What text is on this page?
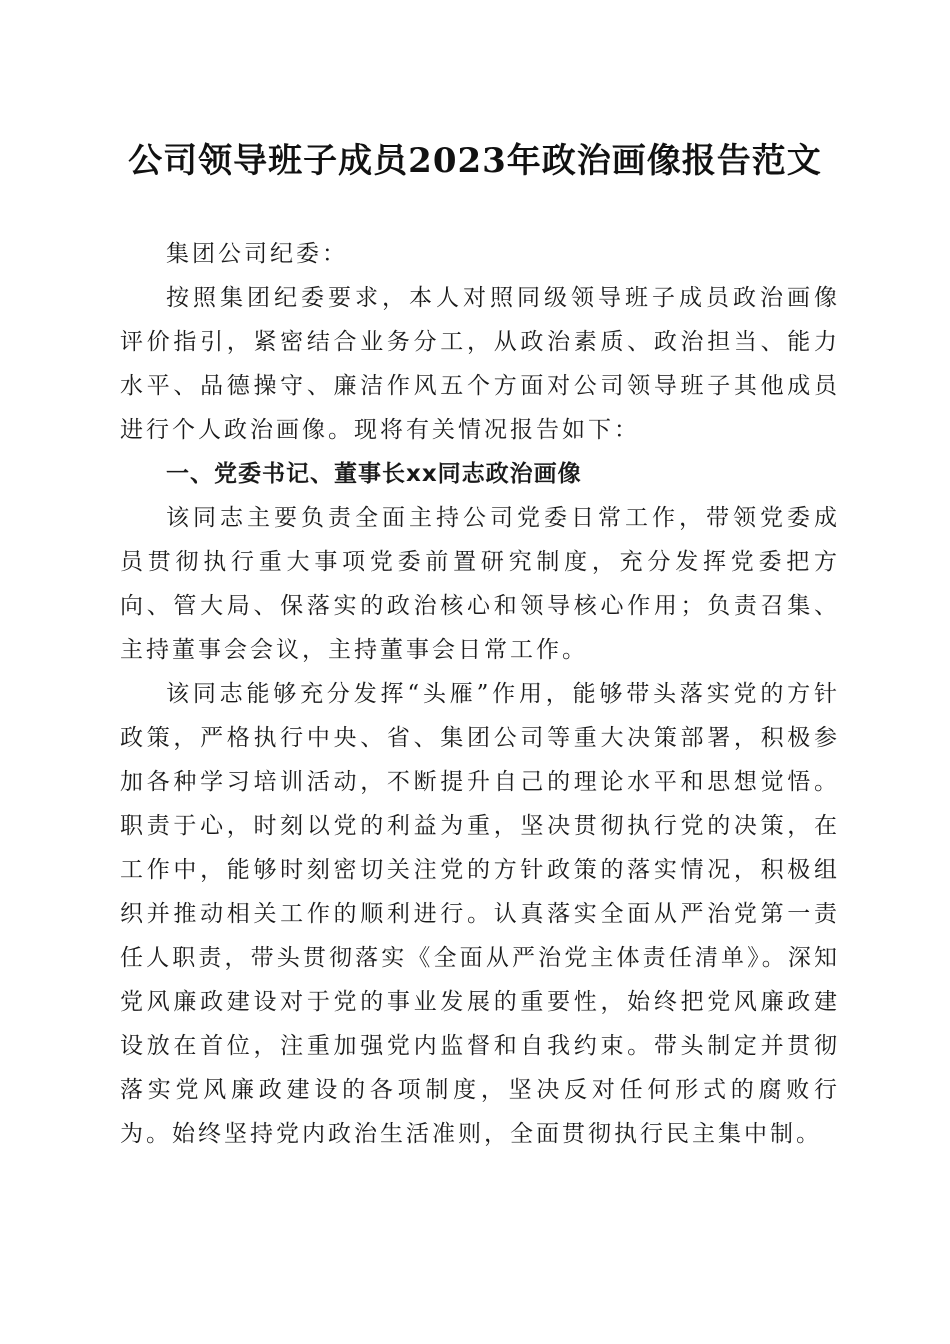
公司领导班子成员2023年政治画像报告范文

集团公司纪委：

按照集团纪委要求，本人对照同级领导班子成员政治画像评价指引，紧密结合业务分工，从政治素质、政治担当、能力水平、品德操守、廉洁作风五个方面对公司领导班子其他成员进行个人政治画像。现将有关情况报告如下：

一、党委书记、董事长xx同志政治画像

该同志主要负责全面主持公司党委日常工作，带领党委成员贯彻执行重大事项党委前置研究制度，充分发挥党委把方向、管大局、保落实的政治核心和领导核心作用；负责召集、主持董事会会议，主持董事会日常工作。

该同志能够充分发挥“头雁”作用，能够带头落实党的方针政策，严格执行中央、省、集团公司等重大决策部署，积极参加各种学习培训活动，不断提升自己的理论水平和思想觉悟。职责于心，时刻以党的利益为重，坚决贯彻执行党的决策，在工作中，能够时刻密切关注党的方针政策的落实情况，积极组织并推动相关工作的顺利进行。认真落实全面从严治党第一责任人职责，带头贯彻落实《全面从严治党主体责任清单》。深知党风廉政建设对于党的事业发展的重要性，始终把党风廉政建设放在首位，注重加强党内监督和自我约束。带头制定并贯彻落实党风廉政建设的各项制度，坚决反对任何形式的腐败行为。始终坚持党内政治生活准则，全面贯彻执行民主集中制。
